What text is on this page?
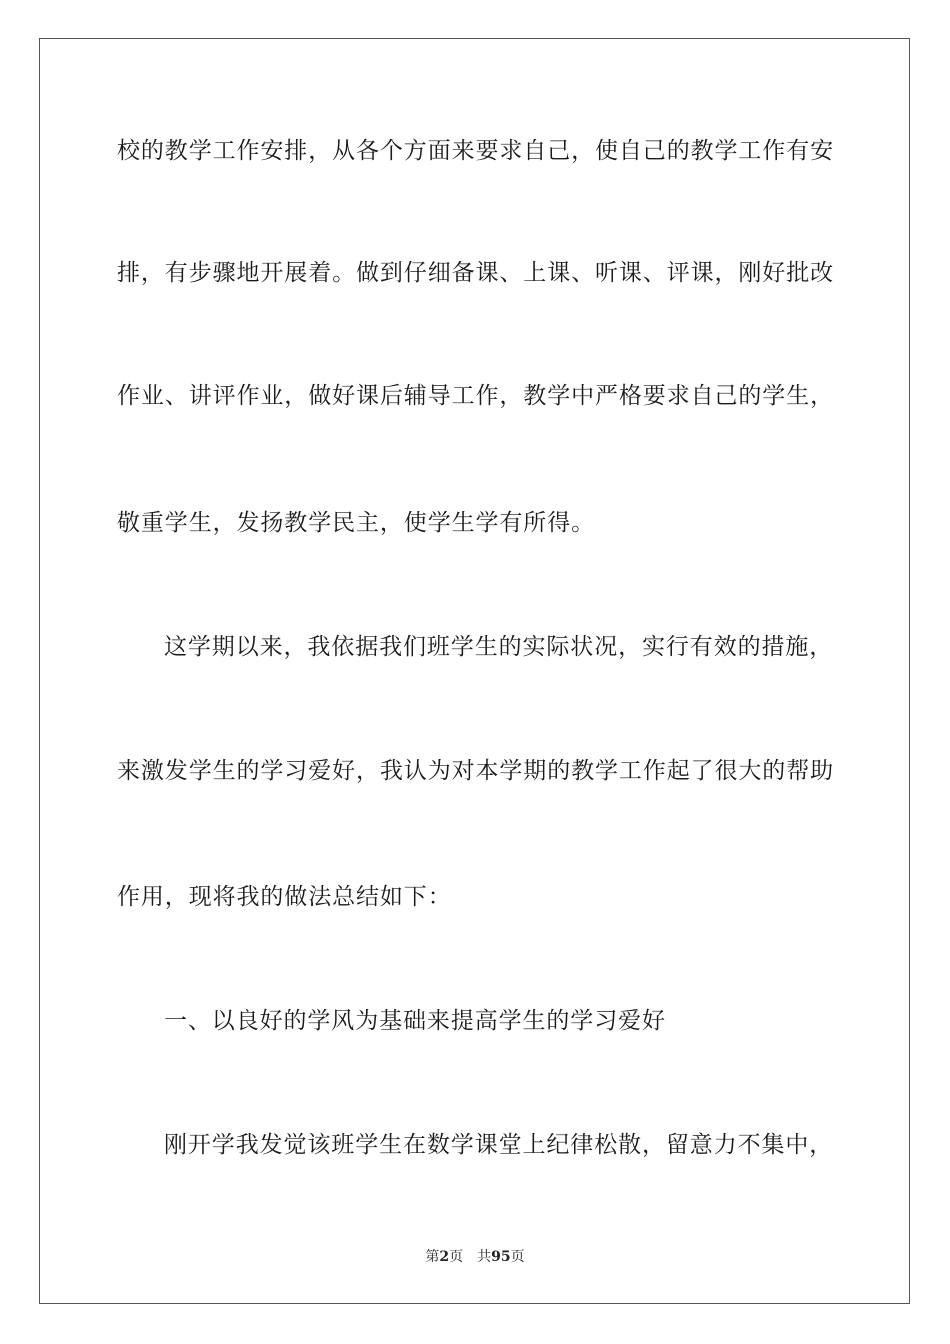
校的教学工作安排，从各个方面来要求自己，使自己的教学工作有安
排，有步骤地开展着。做到仔细备课、上课、听课、评课，刚好批改
作业、讲评作业，做好课后辅导工作，教学中严格要求自己的学生，
敬重学生，发扬教学民主，使学生学有所得。
这学期以来，我依据我们班学生的实际状况，实行有效的措施，
来激发学生的学习爱好，我认为对本学期的教学工作起了很大的帮助
作用，现将我的做法总结如下：
一、以良好的学风为基础来提高学生的学习爱好
刚开学我发觉该班学生在数学课堂上纪律松散，留意力不集中，
第2页 共95页
